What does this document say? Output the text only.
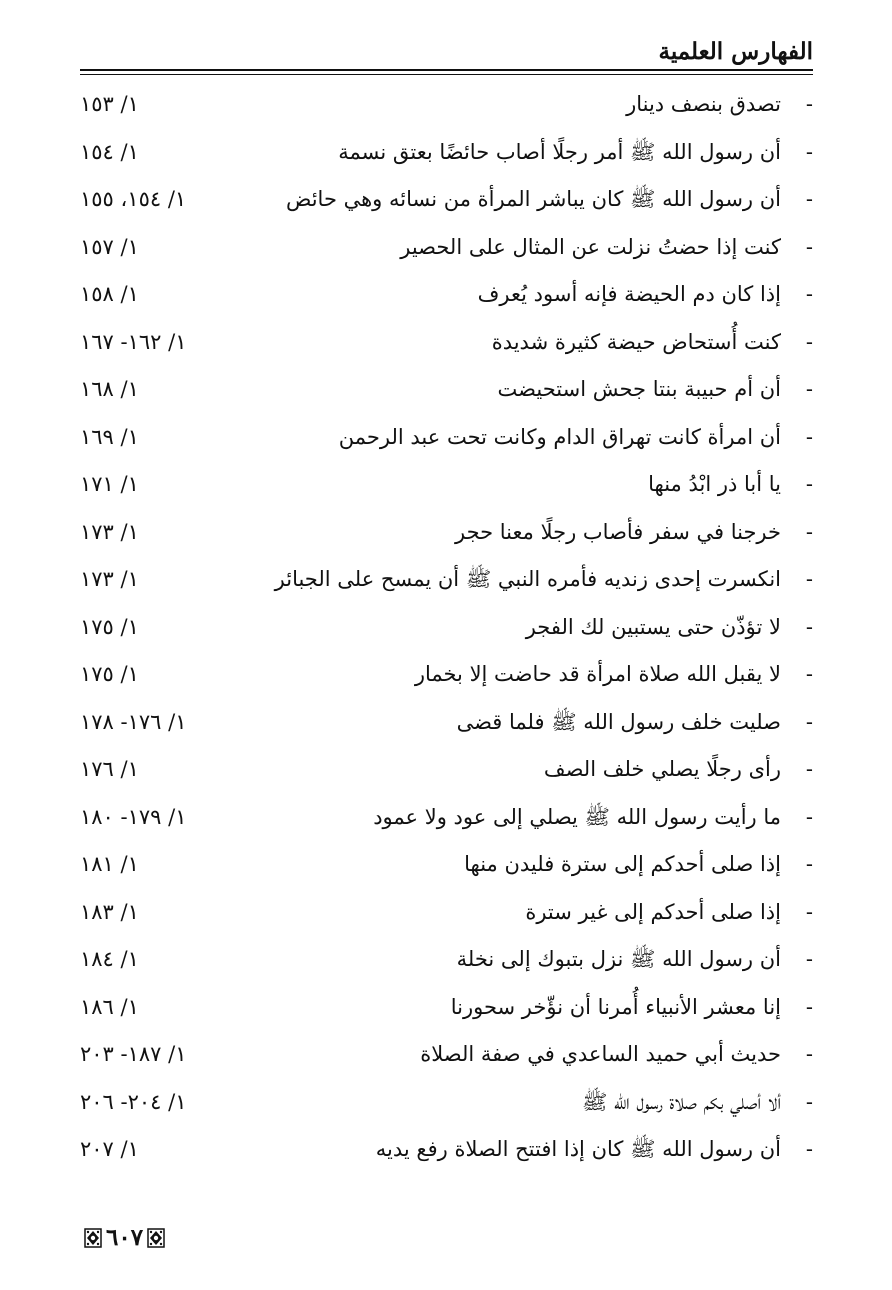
الفهارس العلمية
-
تصدق بنصف دينار
١/ ١٥٣
-
أن رسول الله ﷺ أمر رجلًا أصاب حائضًا بعتق نسمة
١/ ١٥٤
-
أن رسول الله ﷺ كان يباشر المرأة من نسائه وهي حائض
١/ ١٥٤، ١٥٥
-
كنت إذا حضتُ نزلت عن المثال على الحصير
١/ ١٥٧
-
إذا كان دم الحيضة فإنه أسود يُعرف
١/ ١٥٨
-
كنت أُستحاض حيضة كثيرة شديدة
١/ ١٦٢- ١٦٧
-
أن أم حبيبة بنتا جحش استحيضت
١/ ١٦٨
-
أن امرأة كانت تهراق الدام وكانت تحت عبد الرحمن
١/ ١٦٩
-
يا أبا ذر ابْدُ منها
١/ ١٧١
-
خرجنا في سفر فأصاب رجلًا معنا حجر
١/ ١٧٣
-
انكسرت إحدى زنديه فأمره النبي ﷺ أن يمسح على الجبائر
١/ ١٧٣
-
لا تؤذّن حتى يستبين لك الفجر
١/ ١٧٥
-
لا يقبل الله صلاة امرأة قد حاضت إلا بخمار
١/ ١٧٥
-
صليت خلف رسول الله ﷺ فلما قضى
١/ ١٧٦- ١٧٨
-
رأى رجلًا يصلي خلف الصف
١/ ١٧٦
-
ما رأيت رسول الله ﷺ يصلي إلى عود ولا عمود
١/ ١٧٩- ١٨٠
-
إذا صلى أحدكم إلى سترة فليدن منها
١/ ١٨١
-
إذا صلى أحدكم إلى غير سترة
١/ ١٨٣
-
أن رسول الله ﷺ نزل بتبوك إلى نخلة
١/ ١٨٤
-
إنا معشر الأنبياء أُمرنا أن نؤّخر سحورنا
١/ ١٨٦
-
حديث أبي حميد الساعدي في صفة الصلاة
١/ ١٨٧- ٢٠٣
-
ألا أصلي بكم صلاة رسول الله ﷺ
١/ ٢٠٤- ٢٠٦
-
أن رسول الله ﷺ كان إذا افتتح الصلاة رفع يديه
١/ ٢٠٧
٦٠٧
